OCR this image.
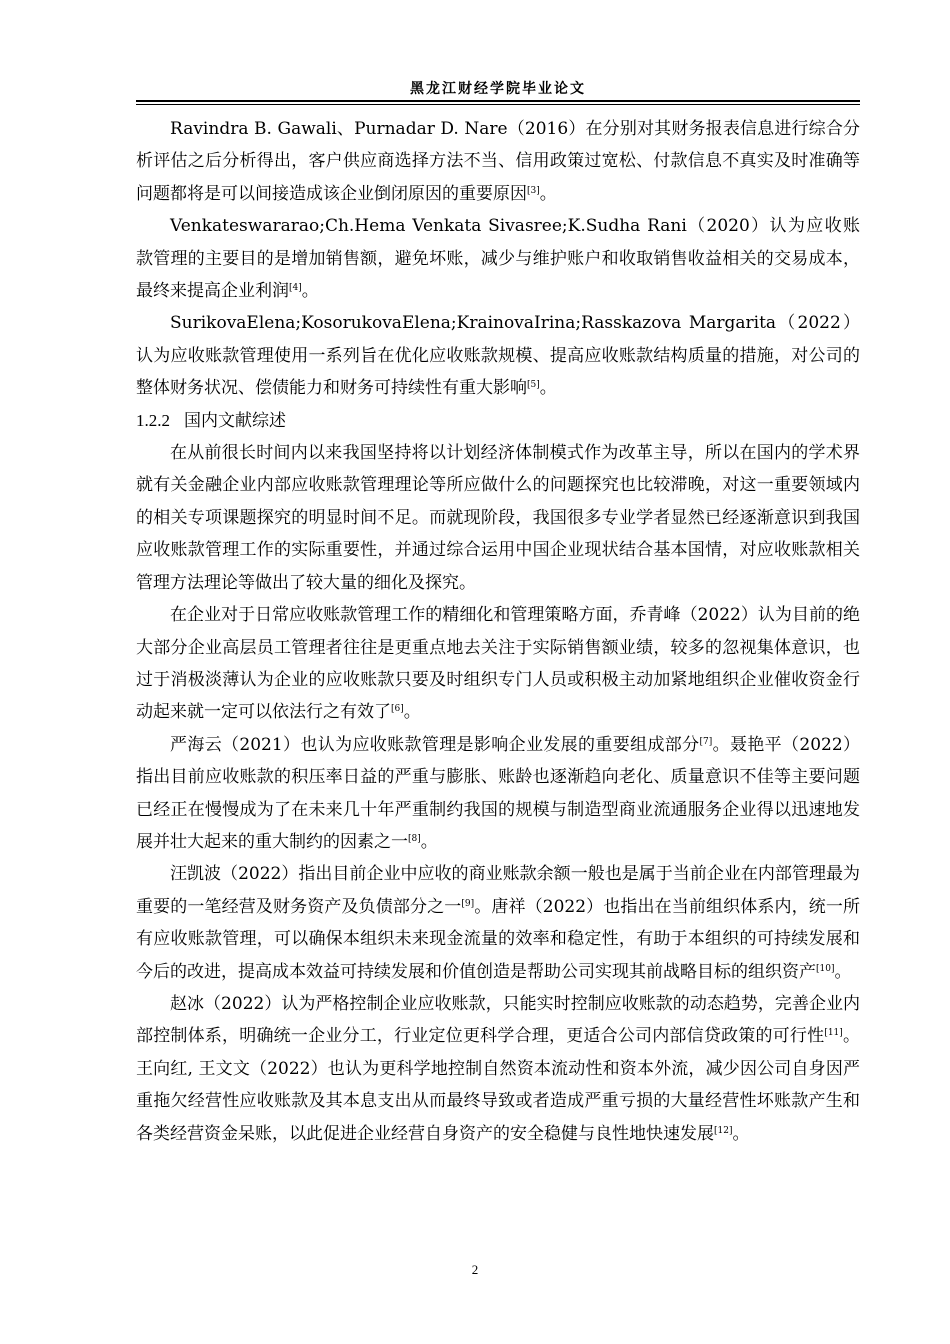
黑龙江财经学院毕业论文

Ravindra B. Gawali、Purnadar D. Nare（2016）在分别对其财务报表信息进行综合分析评估之后分析得出，客户供应商选择方法不当、信用政策过宽松、付款信息不真实及时准确等问题都将是可以间接造成该企业倒闭原因的重要原因[3]。

Venkateswararao;Ch.Hema Venkata Sivasree;K.Sudha Rani（2020）认为应收账款管理的主要目的是增加销售额，避免坏账，减少与维护账户和收取销售收益相关的交易成本，最终来提高企业利润[4]。

SurikovaElena;KosorukovaElena;KrainovaIrina;Rasskazova Margarita（2022）认为应收账款管理使用一系列旨在优化应收账款规模、提高应收账款结构质量的措施，对公司的整体财务状况、偿债能力和财务可持续性有重大影响[5]。

1.2.2 国内文献综述

在从前很长时间内以来我国坚持将以计划经济体制模式作为改革主导，所以在国内的学术界就有关金融企业内部应收账款管理理论等所应做什么的问题探究也比较滞晚，对这一重要领域内的相关专项课题探究的明显时间不足。而就现阶段，我国很多专业学者显然已经逐渐意识到我国应收账款管理工作的实际重要性，并通过综合运用中国企业现状结合基本国情，对应收账款相关管理方法理论等做出了较大量的细化及探究。

在企业对于日常应收账款管理工作的精细化和管理策略方面，乔青峰（2022）认为目前的绝大部分企业高层员工管理者往往是更重点地去关注于实际销售额业绩，较多的忽视集体意识，也过于消极淡薄认为企业的应收账款只要及时组织专门人员或积极主动加紧地组织企业催收资金行动起来就一定可以依法行之有效了[6]。

严海云（2021）也认为应收账款管理是影响企业发展的重要组成部分[7]。聂艳平（2022）指出目前应收账款的积压率日益的严重与膨胀、账龄也逐渐趋向老化、质量意识不佳等主要问题已经正在慢慢成为了在未来几十年严重制约我国的规模与制造型商业流通服务企业得以迅速地发展并壮大起来的重大制约的因素之一[8]。

汪凯波（2022）指出目前企业中应收的商业账款余额一般也是属于当前企业在内部管理最为重要的一笔经营及财务资产及负债部分之一[9]。唐祥（2022）也指出在当前组织体系内，统一所有应收账款管理，可以确保本组织未来现金流量的效率和稳定性，有助于本组织的可持续发展和今后的改进，提高成本效益可持续发展和价值创造是帮助公司实现其前战略目标的组织资产[10]。

赵冰（2022）认为严格控制企业应收账款，只能实时控制应收账款的动态趋势，完善企业内部控制体系，明确统一企业分工，行业定位更科学合理，更适合公司内部信贷政策的可行性[11]。王向红, 王文文（2022）也认为更科学地控制自然资本流动性和资本外流，减少因公司自身因严重拖欠经营性应收账款及其本息支出从而最终导致或者造成严重亏损的大量经营性坏账款产生和各类经营资金呆账，以此促进企业经营自身资产的安全稳健与良性地快速发展[12]。

2
